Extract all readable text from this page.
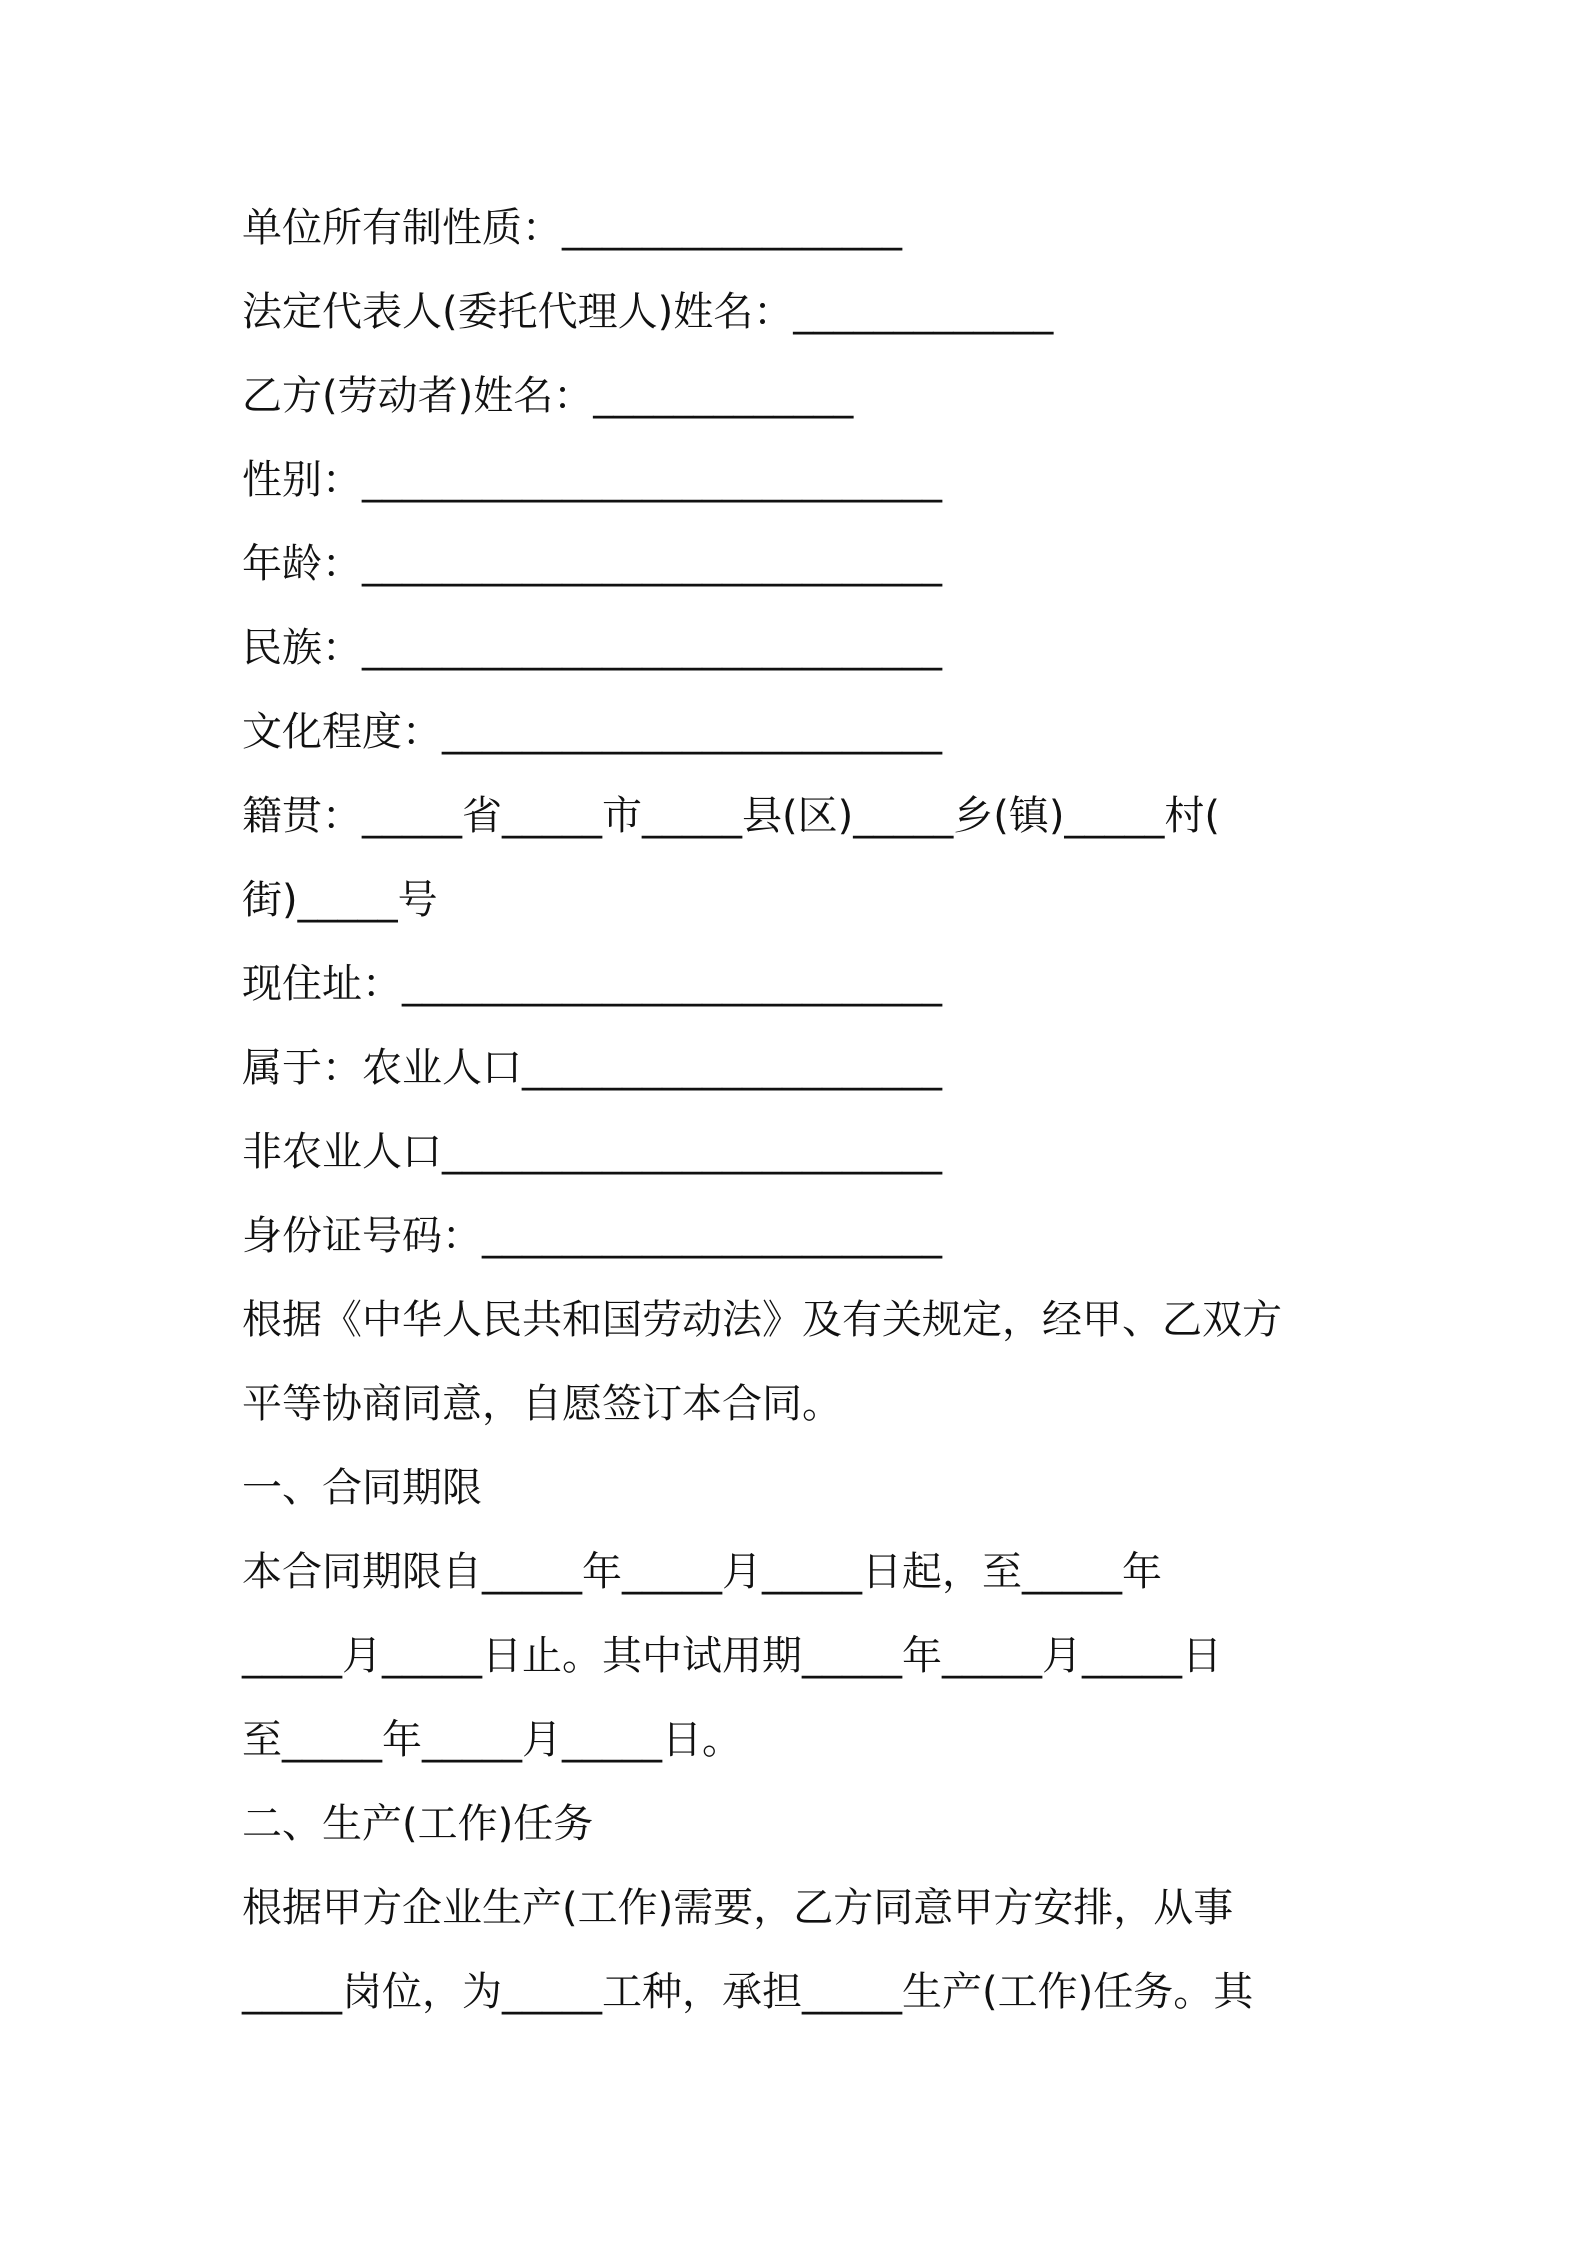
单位所有制性质：_________________
法定代表人(委托代理人)姓名：_____________
乙方(劳动者)姓名：_____________
性别：_____________________________
年龄：_____________________________
民族：_____________________________
文化程度：_________________________
籍贯：_____省_____市_____县(区)_____乡(镇)_____村(
街)_____号
现住址：___________________________
属于：农业人口_____________________
非农业人口_________________________
身份证号码：_______________________
根据《中华人民共和国劳动法》及有关规定，经甲、乙双方
平等协商同意，自愿签订本合同。
一、合同期限
本合同期限自_____年_____月_____日起，至_____年
_____月_____日止。其中试用期_____年_____月_____日
至_____年_____月_____日。
二、生产(工作)任务
根据甲方企业生产(工作)需要，乙方同意甲方安排，从事
_____岗位，为_____工种，承担_____生产(工作)任务。其
